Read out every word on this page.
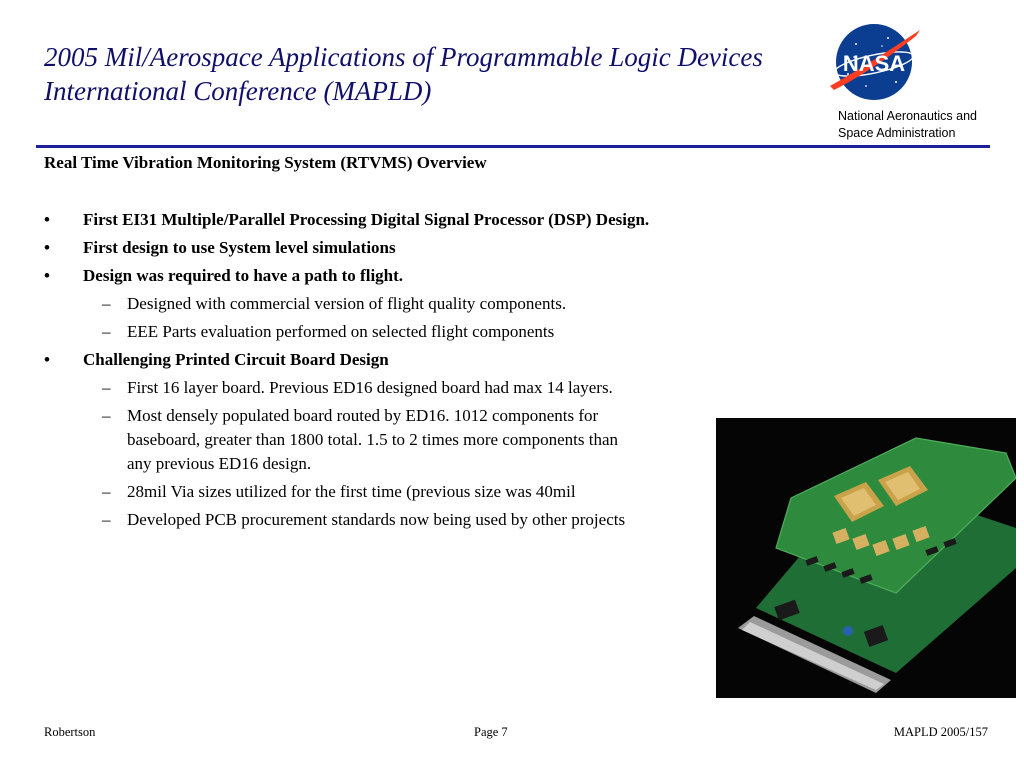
2005 Mil/Aerospace Applications of Programmable Logic Devices
International Conference (MAPLD)
NASA
National Aeronautics and
Space Administration
Real Time Vibration Monitoring System (RTVMS) Overview
• First EI31 Multiple/Parallel Processing Digital Signal Processor (DSP) Design.
• First design to use System level simulations
• Design was required to have a path to flight.
– Designed with commercial version of flight quality components.
– EEE Parts evaluation performed on selected flight components
• Challenging Printed Circuit Board Design
– First 16 layer board. Previous ED16 designed board had max 14 layers.
– Most densely populated board routed by ED16. 1012 components for
baseboard, greater than 1800 total. 1.5 to 2 times more components than
any previous ED16 design.
– 28mil Via sizes utilized for the first time (previous size was 40mil
– Developed PCB procurement standards now being used by other projects
Robertson	Page 7	MAPLD 2005/157
